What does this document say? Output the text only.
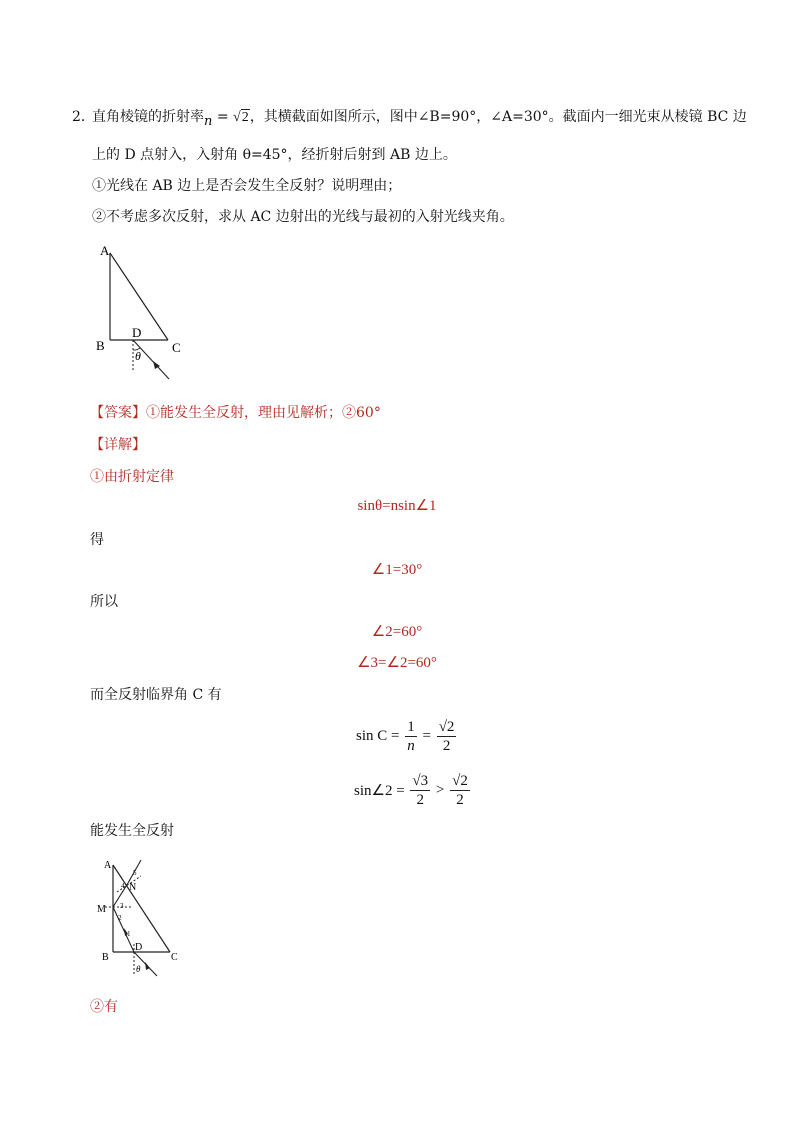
2．
直角棱镜的折射率n = √2，其横截面如图所示，图中∠B=90°，∠A=30°。截面内一细光束从棱镜 BC 边
上的 D 点射入，入射角 θ=45°，经折射后射到 AB 边上。
①光线在 AB 边上是否会发生全反射？说明理由；
②不考虑多次反射，求从 AC 边射出的光线与最初的入射光线夹角。
A
B	C
D
θ
【答案】①能发生全反射，理由见解析；②60°
【详解】
①由折射定律
sinθ=nsin∠1
得
∠1=30°
所以
∠2=60°
∠3=∠2=60°
而全反射临界角 C 有
$\sin C = \frac{1}{n} = \frac{√2}{2}$
sin∠2 = $\frac{√3}{2} > \frac{√2}{2}$
能发生全反射
A
B	C
D
M
N
θ
1
2
3
4
5
②有
